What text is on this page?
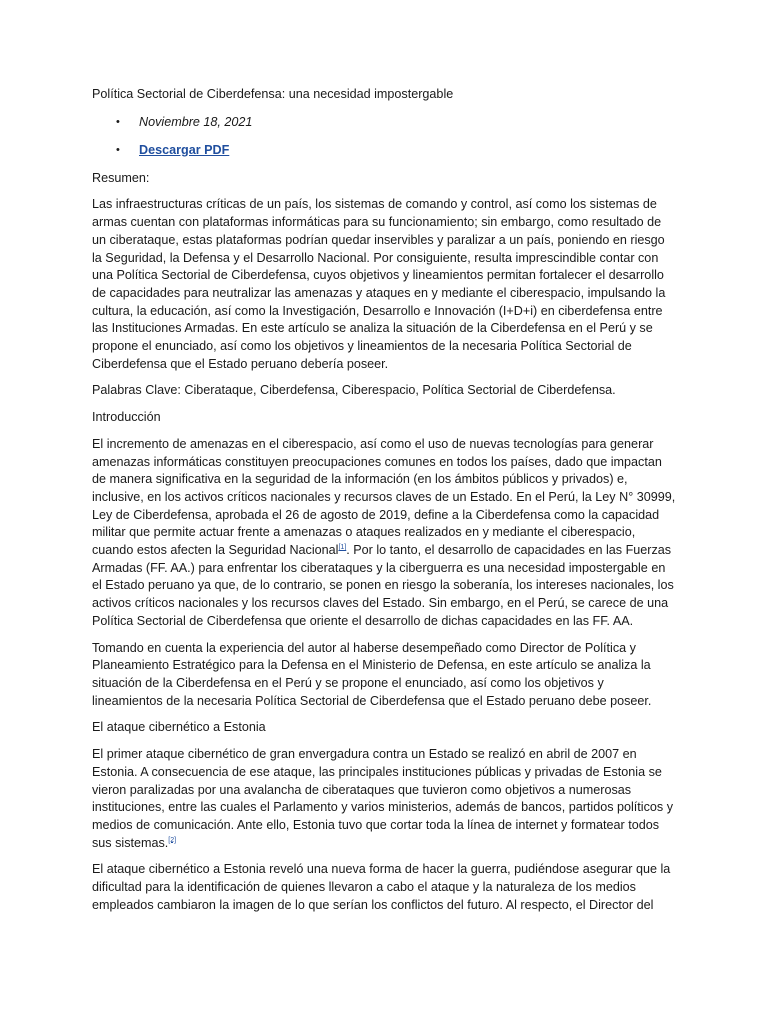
Política Sectorial de Ciberdefensa: una necesidad impostergable

• Noviembre 18, 2021
• Descargar PDF

Resumen:

Las infraestructuras críticas de un país, los sistemas de comando y control, así como los sistemas de armas cuentan con plataformas informáticas para su funcionamiento; sin embargo, como resultado de un ciberataque, estas plataformas podrían quedar inservibles y paralizar a un país, poniendo en riesgo la Seguridad, la Defensa y el Desarrollo Nacional. Por consiguiente, resulta imprescindible contar con una Política Sectorial de Ciberdefensa, cuyos objetivos y lineamientos permitan fortalecer el desarrollo de capacidades para neutralizar las amenazas y ataques en y mediante el ciberespacio, impulsando la cultura, la educación, así como la Investigación, Desarrollo e Innovación (I+D+i) en ciberdefensa entre las Instituciones Armadas. En este artículo se analiza la situación de la Ciberdefensa en el Perú y se propone el enunciado, así como los objetivos y lineamientos de la necesaria Política Sectorial de Ciberdefensa que el Estado peruano debería poseer.

Palabras Clave: Ciberataque, Ciberdefensa, Ciberespacio, Política Sectorial de Ciberdefensa.

Introducción

El incremento de amenazas en el ciberespacio, así como el uso de nuevas tecnologías para generar amenazas informáticas constituyen preocupaciones comunes en todos los países, dado que impactan de manera significativa en la seguridad de la información (en los ámbitos públicos y privados) e, inclusive, en los activos críticos nacionales y recursos claves de un Estado. En el Perú, la Ley N° 30999, Ley de Ciberdefensa, aprobada el 26 de agosto de 2019, define a la Ciberdefensa como la capacidad militar que permite actuar frente a amenazas o ataques realizados en y mediante el ciberespacio, cuando estos afecten la Seguridad Nacional[1]. Por lo tanto, el desarrollo de capacidades en las Fuerzas Armadas (FF. AA.) para enfrentar los ciberataques y la ciberguerra es una necesidad impostergable en el Estado peruano ya que, de lo contrario, se ponen en riesgo la soberanía, los intereses nacionales, los activos críticos nacionales y los recursos claves del Estado. Sin embargo, en el Perú, se carece de una Política Sectorial de Ciberdefensa que oriente el desarrollo de dichas capacidades en las FF. AA.

Tomando en cuenta la experiencia del autor al haberse desempeñado como Director de Política y Planeamiento Estratégico para la Defensa en el Ministerio de Defensa, en este artículo se analiza la situación de la Ciberdefensa en el Perú y se propone el enunciado, así como los objetivos y lineamientos de la necesaria Política Sectorial de Ciberdefensa que el Estado peruano debe poseer.

El ataque cibernético a Estonia

El primer ataque cibernético de gran envergadura contra un Estado se realizó en abril de 2007 en Estonia. A consecuencia de ese ataque, las principales instituciones públicas y privadas de Estonia se vieron paralizadas por una avalancha de ciberataques que tuvieron como objetivos a numerosas instituciones, entre las cuales el Parlamento y varios ministerios, además de bancos, partidos políticos y medios de comunicación. Ante ello, Estonia tuvo que cortar toda la línea de internet y formatear todos sus sistemas.[2]

El ataque cibernético a Estonia reveló una nueva forma de hacer la guerra, pudiéndose asegurar que la dificultad para la identificación de quienes llevaron a cabo el ataque y la naturaleza de los medios empleados cambiaron la imagen de lo que serían los conflictos del futuro. Al respecto, el Director del
